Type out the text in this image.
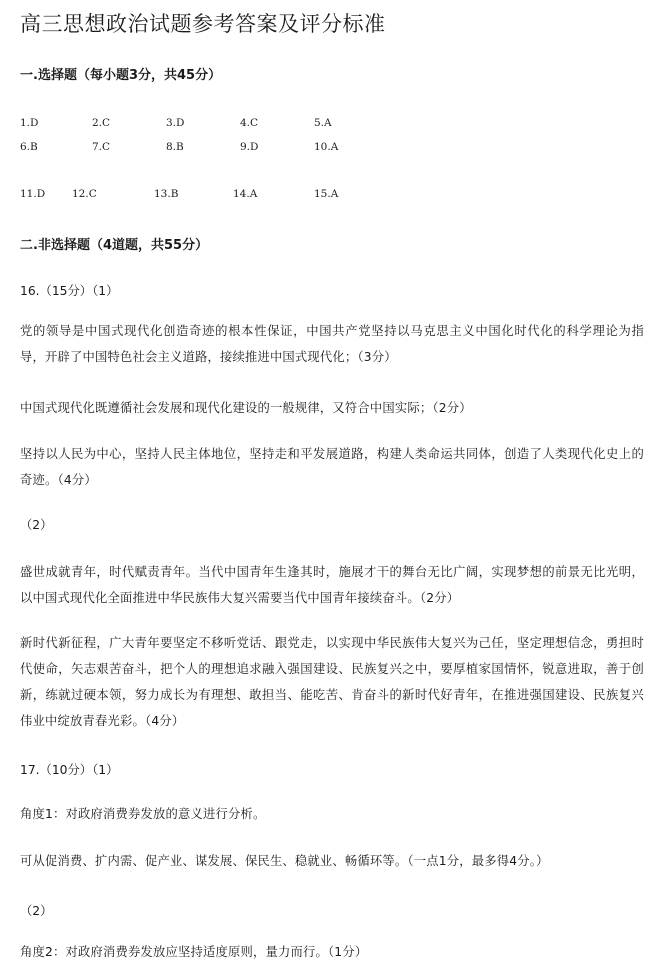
高三思想政治试题参考答案及评分标准
一.选择题（每小题3分，共45分）
1.D	2.C	3.D	4.C	5.A
6.B	7.C	8.B	9.D	10.A
11.D	12.C	13.B	14.A	15.A
二.非选择题（4道题，共55分）
16.（15分）（1）
党的领导是中国式现代化创造奇迹的根本性保证，中国共产党坚持以马克思主义中国化时代化的科学理论为指导，开辟了中国特色社会主义道路，接续推进中国式现代化；（3分）
中国式现代化既遵循社会发展和现代化建设的一般规律，又符合中国实际；（2分）
坚持以人民为中心，坚持人民主体地位，坚持走和平发展道路，构建人类命运共同体，创造了人类现代化史上的奇迹。（4分）
（2）
盛世成就青年，时代赋责青年。当代中国青年生逢其时，施展才干的舞台无比广阔，实现梦想的前景无比光明，以中国式现代化全面推进中华民族伟大复兴需要当代中国青年接续奋斗。（2分）
新时代新征程，广大青年要坚定不移听党话、跟党走，以实现中华民族伟大复兴为己任，坚定理想信念，勇担时代使命，矢志艰苦奋斗，把个人的理想追求融入强国建设、民族复兴之中，要厚植家国情怀，锐意进取，善于创新，练就过硬本领，努力成长为有理想、敢担当、能吃苦、肯奋斗的新时代好青年，在推进强国建设、民族复兴伟业中绽放青春光彩。（4分）
17.（10分）（1）
角度1：对政府消费券发放的意义进行分析。
可从促消费、扩内需、促产业、谋发展、保民生、稳就业、畅循环等。（一点1分，最多得4分。）
（2）
角度2：对政府消费券发放应坚持适度原则，量力而行。（1分）
